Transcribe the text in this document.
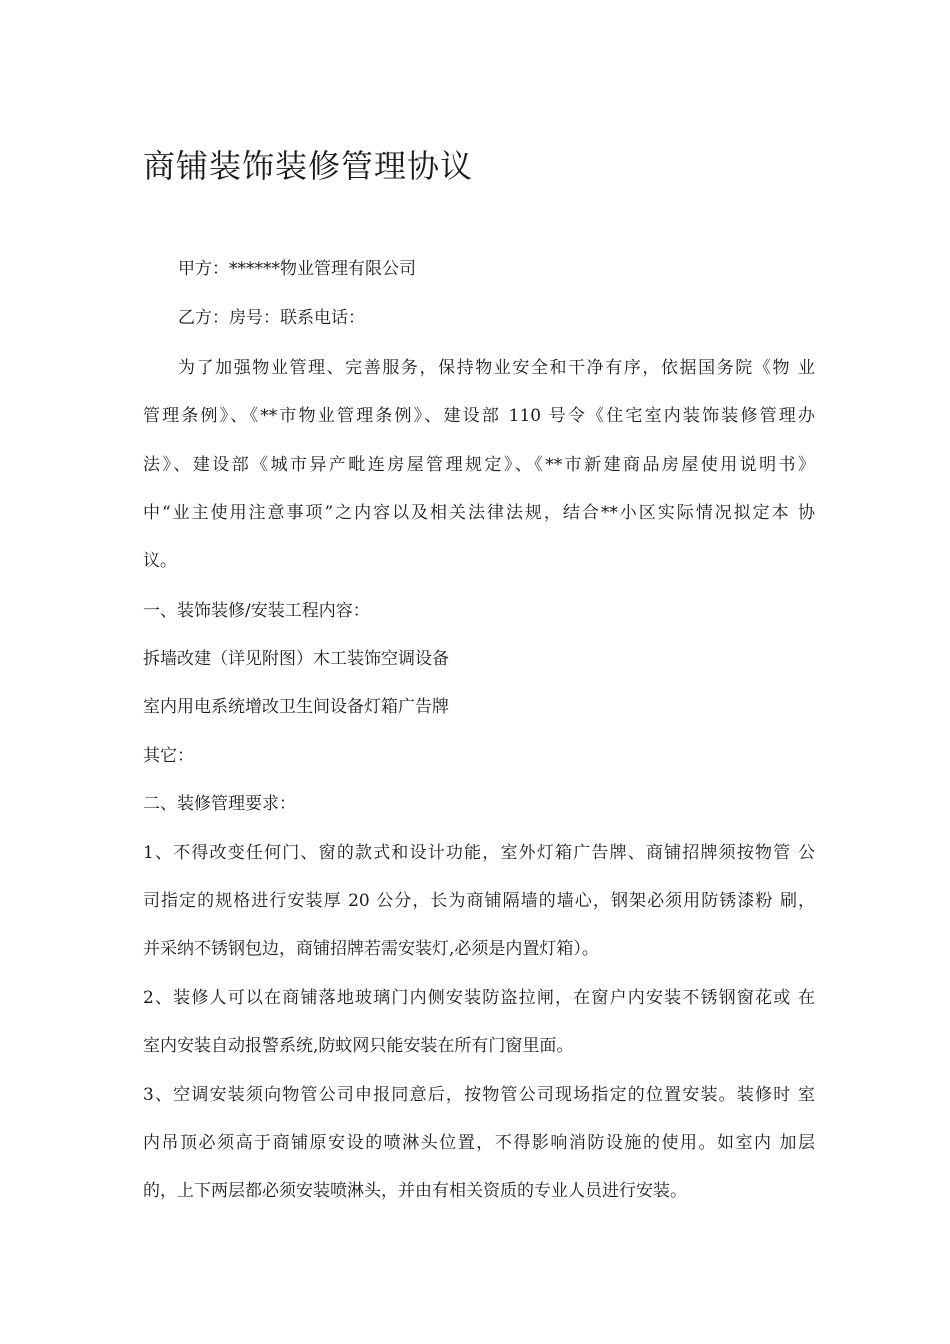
商铺装饰装修管理协议
甲方：******物业管理有限公司
乙方：房号：联系电话：
为了加强物业管理、完善服务，保持物业安全和干净有序，依据国务院《物 业
管理条例》、《**市物业管理条例》、建设部 110 号令《住宅室内装饰装修管理办
法》、建设部《城市异产毗连房屋管理规定》、《**市新建商品房屋使用说明书》
中“业主使用注意事项”之内容以及相关法律法规，结合**小区实际情况拟定本 协
议。
一、装饰装修/安装工程内容：
拆墙改建（详见附图）木工装饰空调设备
室内用电系统增改卫生间设备灯箱广告牌
其它：
二、装修管理要求：
1、不得改变任何门、窗的款式和设计功能，室外灯箱广告牌、商铺招牌须按物管 公
司指定的规格进行安装厚 20 公分，长为商铺隔墙的墙心，钢架必须用防锈漆粉 刷，
并采纳不锈钢包边，商铺招牌若需安装灯,必须是内置灯箱）。
2、装修人可以在商铺落地玻璃门内侧安装防盗拉闸，在窗户内安装不锈钢窗花或 在
室内安装自动报警系统,防蚊网只能安装在所有门窗里面。
3、空调安装须向物管公司申报同意后，按物管公司现场指定的位置安装。装修时 室
内吊顶必须高于商铺原安设的喷淋头位置，不得影响消防设施的使用。如室内 加层
的，上下两层都必须安装喷淋头，并由有相关资质的专业人员进行安装。
